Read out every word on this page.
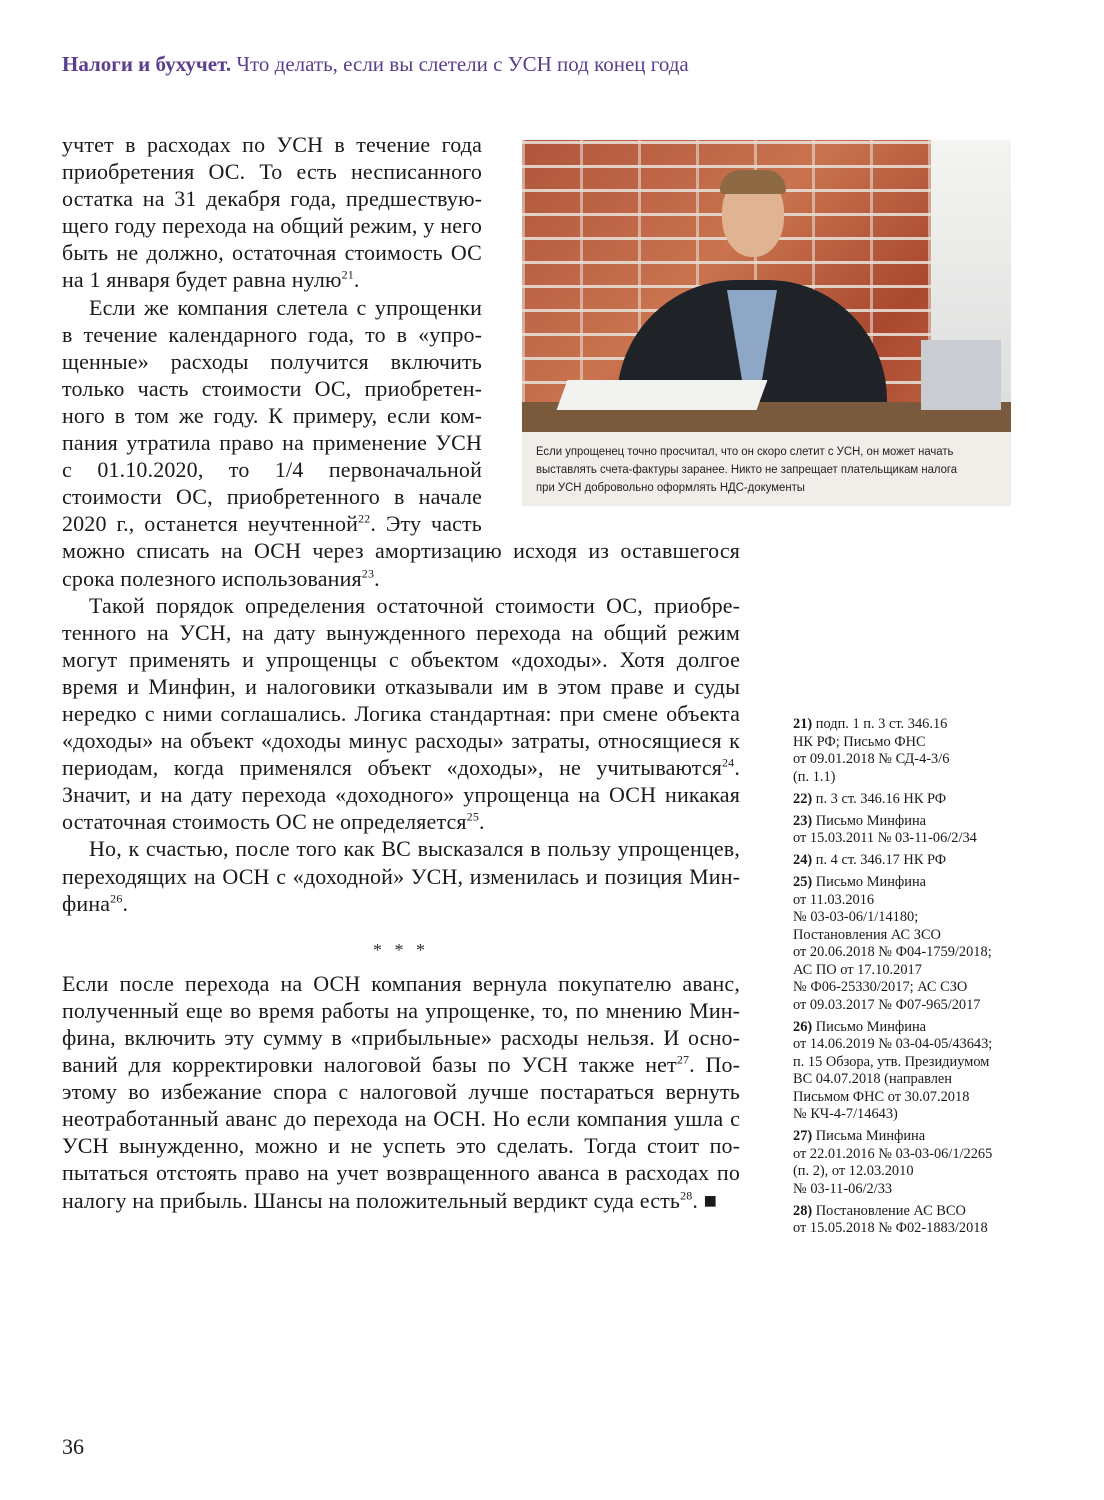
Налоги и бухучет. Что делать, если вы слетели с УСН под конец года
Если упрощенец точно просчитал, что он скоро слетит с УСН, он может начать
выставлять счета-фактуры заранее. Никто не запрещает плательщикам налога
при УСН добровольно оформлять НДС-документы

учтет в расходах по УСН в течение года приобретения ОС. То есть несписанного остатка на 31 декабря года, предшествующего году перехода на общий режим, у него быть не должно, остаточная стоимость ОС на 1 января будет равна нулю$^{21}$.

Если же компания слетела с упрощенки в течение календарного года, то в «упрощенные» расходы получится включить только часть стоимости ОС, приобретенного в том же году. К примеру, если компания утратила право на применение УСН с 01.10.2020, то 1/4 первоначальной стоимости ОС, приобретенного в начале 2020 г., останется неучтенной$^{22}$. Эту часть можно списать на ОСН через амортизацию исходя из оставшегося срока полезного использования$^{23}$.

Такой порядок определения остаточной стоимости ОС, приобретенного на УСН, на дату вынужденного перехода на общий режим могут применять и упрощенцы с объектом «доходы». Хотя долгое время и Минфин, и налоговики отказывали им в этом праве и суды нередко с ними соглашались. Логика стандартная: при смене объекта «доходы» на объект «доходы минус расходы» затраты, относящиеся к периодам, когда применялся объект «доходы», не учитываются$^{24}$. Значит, и на дату перехода «доходного» упрощенца на ОСН никакая остаточная стоимость ОС не определяется$^{25}$.

Но, к счастью, после того как ВС высказался в пользу упрощенцев, переходящих на ОСН с «доходной» УСН, изменилась и позиция Минфина$^{26}$.

* * *

Если после перехода на ОСН компания вернула покупателю аванс, полученный еще во время работы на упрощенке, то, по мнению Минфина, включить эту сумму в «прибыльные» расходы нельзя. И оснований для корректировки налоговой базы по УСН также нет$^{27}$. Поэтому во избежание спора с налоговой лучше постараться вернуть неотработанный аванс до перехода на ОСН. Но если компания ушла с УСН вынужденно, можно и не успеть это сделать. Тогда стоит попытаться отстоять право на учет возвращенного аванса в расходах по налогу на прибыль. Шансы на положительный вердикт суда есть$^{28}$. ■

21) подп. 1 п. 3 ст. 346.16
НК РФ; Письмо ФНС
от 09.01.2018 № СД-4-3/6
(п. 1.1)
22) п. 3 ст. 346.16 НК РФ
23) Письмо Минфина
от 15.03.2011 № 03-11-06/2/34
24) п. 4 ст. 346.17 НК РФ
25) Письмо Минфина
от 11.03.2016
№ 03-03-06/1/14180;
Постановления АС ЗСО
от 20.06.2018 № Ф04-1759/2018;
АС ПО от 17.10.2017
№ Ф06-25330/2017; АС СЗО
от 09.03.2017 № Ф07-965/2017
26) Письмо Минфина
от 14.06.2019 № 03-04-05/43643;
п. 15 Обзора, утв. Президиумом
ВС 04.07.2018 (направлен
Письмом ФНС от 30.07.2018
№ КЧ-4-7/14643)
27) Письма Минфина
от 22.01.2016 № 03-03-06/1/2265
(п. 2), от 12.03.2010
№ 03-11-06/2/33
28) Постановление АС ВСО
от 15.05.2018 № Ф02-1883/2018
36
